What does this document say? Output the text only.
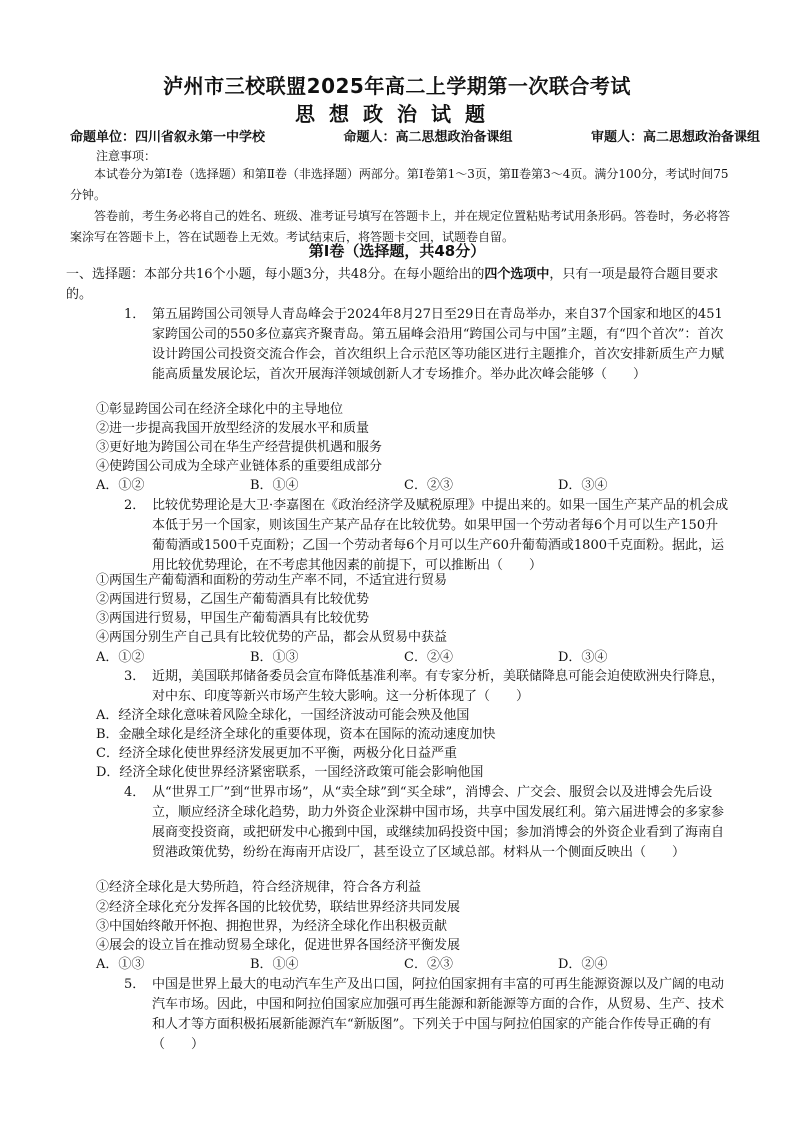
泸州市三校联盟2025年高二上学期第一次联合考试
思想政治试题
命题单位：四川省叙永第一中学校	命题人：高二思想政治备课组	审题人：高二思想政治备课组
注意事项：

本试卷分为第Ⅰ卷（选择题）和第Ⅱ卷（非选择题）两部分。第Ⅰ卷第1～3页，第Ⅱ卷第3～4页。满分100分，考试时间75分钟。

答卷前，考生务必将自己的姓名、班级、准考证号填写在答题卡上，并在规定位置粘贴考试用条形码。答卷时，务必将答案涂写在答题卡上，答在试题卷上无效。考试结束后，将答题卡交回，试题卷自留。

第Ⅰ卷（选择题，共48分）
一、选择题：本部分共16个小题，每小题3分，共48分。在每小题给出的四个选项中，只有一项是最符合题目要求的。
1． 第五届跨国公司领导人青岛峰会于2024年8月27日至29日在青岛举办，来自37个国家和地区的451家跨国公司的550多位嘉宾齐聚青岛。第五届峰会沿用“跨国公司与中国”主题，有“四个首次”：首次设计跨国公司投资交流合作会，首次组织上合示范区等功能区进行主题推介，首次安排新质生产力赋能高质量发展论坛，首次开展海洋领域创新人才专场推介。举办此次峰会能够（　　）
①彰显跨国公司在经济全球化中的主导地位
②进一步提高我国开放型经济的发展水平和质量
③更好地为跨国公司在华生产经营提供机遇和服务
④使跨国公司成为全球产业链体系的重要组成部分
A．①②	B．①④	C．②③	D．③④
2． 比较优势理论是大卫·李嘉图在《政治经济学及赋税原理》中提出来的。如果一国生产某产品的机会成本低于另一个国家，则该国生产某产品存在比较优势。如果甲国一个劳动者每6个月可以生产150升葡萄酒或1500千克面粉；乙国一个劳动者每6个月可以生产60升葡萄酒或1800千克面粉。据此，运用比较优势理论，在不考虑其他因素的前提下，可以推断出（　　）
①两国生产葡萄酒和面粉的劳动生产率不同，不适宜进行贸易
②两国进行贸易，乙国生产葡萄酒具有比较优势
③两国进行贸易，甲国生产葡萄酒具有比较优势
④两国分别生产自己具有比较优势的产品，都会从贸易中获益
A．①②	B．①③	C．②④	D．③④
3． 近期，美国联邦储备委员会宣布降低基准利率。有专家分析，美联储降息可能会迫使欧洲央行降息，对中东、印度等新兴市场产生较大影响。这一分析体现了（　　）
A．经济全球化意味着风险全球化，一国经济波动可能会殃及他国
B．金融全球化是经济全球化的重要体现，资本在国际的流动速度加快
C．经济全球化使世界经济发展更加不平衡，两极分化日益严重
D．经济全球化使世界经济紧密联系，一国经济政策可能会影响他国
4． 从“世界工厂”到“世界市场”，从“卖全球”到“买全球”，消博会、广交会、服贸会以及进博会先后设立，顺应经济全球化趋势，助力外资企业深耕中国市场，共享中国发展红利。第六届进博会的多家参展商变投资商，或把研发中心搬到中国，或继续加码投资中国；参加消博会的外资企业看到了海南自贸港政策优势，纷纷在海南开店设厂，甚至设立了区域总部。材料从一个侧面反映出（　　）
①经济全球化是大势所趋，符合经济规律，符合各方利益
②经济全球化充分发挥各国的比较优势，联结世界经济共同发展
③中国始终敞开怀抱、拥抱世界，为经济全球化作出积极贡献
④展会的设立旨在推动贸易全球化，促进世界各国经济平衡发展
A．①③	B．①④	C．②③	D．②④
5． 中国是世界上最大的电动汽车生产及出口国，阿拉伯国家拥有丰富的可再生能源资源以及广阔的电动汽车市场。因此，中国和阿拉伯国家应加强可再生能源和新能源等方面的合作，从贸易、生产、技术和人才等方面积极拓展新能源汽车“新版图”。下列关于中国与阿拉伯国家的产能合作传导正确的有（　　）
